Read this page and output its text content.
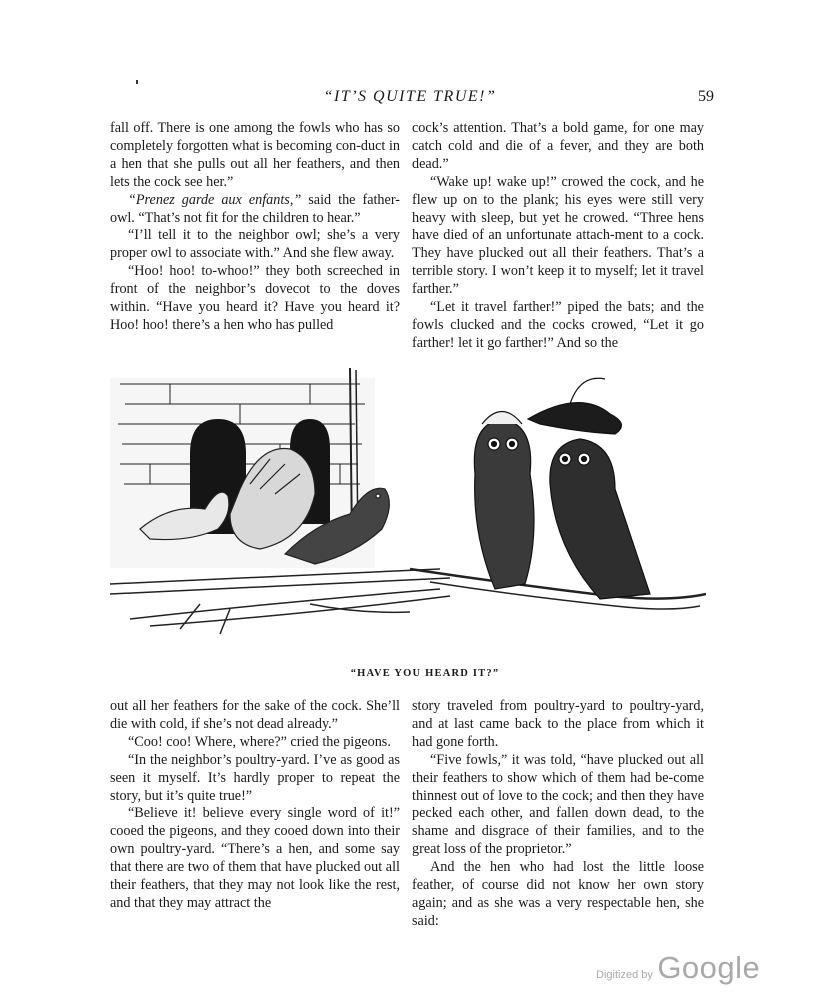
“IT’S QUITE TRUE!”	59

fall off. There is one among the fowls who has so completely forgotten what is becoming con-duct in a hen that she pulls out all her feathers, and then lets the cock see her.”

“Prenez garde aux enfants,” said the father-owl. “That’s not fit for the children to hear.”

“I’ll tell it to the neighbor owl; she’s a very proper owl to associate with.” And she flew away.

“Hoo! hoo! to-whoo!” they both screeched in front of the neighbor’s dovecot to the doves within. “Have you heard it? Have you heard it? Hoo! hoo! there’s a hen who has pulled

cock’s attention. That’s a bold game, for one may catch cold and die of a fever, and they are both dead.”

“Wake up! wake up!” crowed the cock, and he flew up on to the plank; his eyes were still very heavy with sleep, but yet he crowed. “Three hens have died of an unfortunate attach-ment to a cock. They have plucked out all their feathers. That’s a terrible story. I won’t keep it to myself; let it travel farther.”

“Let it travel farther!” piped the bats; and the fowls clucked and the cocks crowed, “Let it go farther! let it go farther!” And so the

“HAVE YOU HEARD IT?”

out all her feathers for the sake of the cock. She’ll die with cold, if she’s not dead already.”

“Coo! coo! Where, where?” cried the pigeons.

“In the neighbor’s poultry-yard. I’ve as good as seen it myself. It’s hardly proper to repeat the story, but it’s quite true!”

“Believe it! believe every single word of it!” cooed the pigeons, and they cooed down into their own poultry-yard. “There’s a hen, and some say that there are two of them that have plucked out all their feathers, that they may not look like the rest, and that they may attract the

story traveled from poultry-yard to poultry-yard, and at last came back to the place from which it had gone forth.

“Five fowls,” it was told, “have plucked out all their feathers to show which of them had be-come thinnest out of love to the cock; and then they have pecked each other, and fallen down dead, to the shame and disgrace of their families, and to the great loss of the proprietor.”

And the hen who had lost the little loose feather, of course did not know her own story again; and as she was a very respectable hen, she said:

Digitized by Google
